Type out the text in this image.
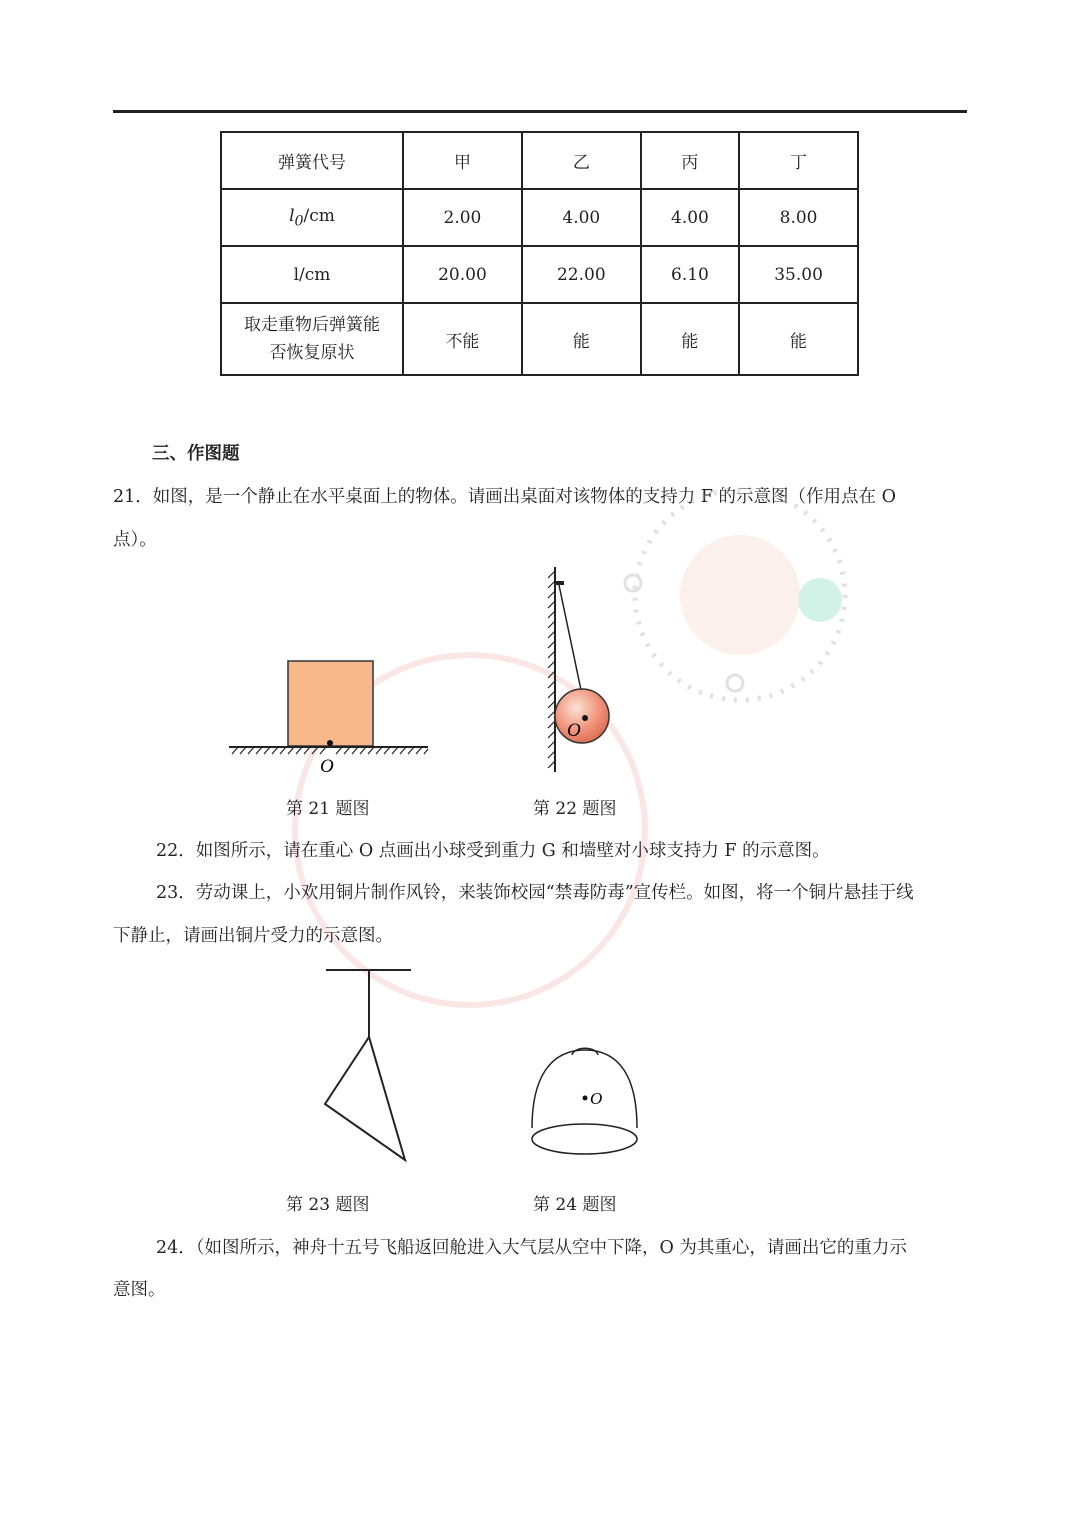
弹簧代号	甲	乙	丙	丁
$l_0/cm$	2.00	4.00	4.00	8.00
l/cm	20.00	22.00	6.10	35.00
取走重物后弹簧能
否恢复原状	不能	能	能	能
三、作图题
21．如图，是一个静止在水平桌面上的物体。请画出桌面对该物体的支持力 F 的示意图（作用点在 O
点）。
O
O
O
第 21 题图	第 22 题图
22．如图所示，请在重心 O 点画出小球受到重力 G 和墙壁对小球支持力 F 的示意图。
23．劳动课上，小欢用铜片制作风铃，来装饰校园“禁毒防毒”宣传栏。如图，将一个铜片悬挂于线
下静止，请画出铜片受力的示意图。
第 23 题图	第 24 题图
24．（如图所示，神舟十五号飞船返回舱进入大气层从空中下降，O 为其重心，请画出它的重力示
意图。
